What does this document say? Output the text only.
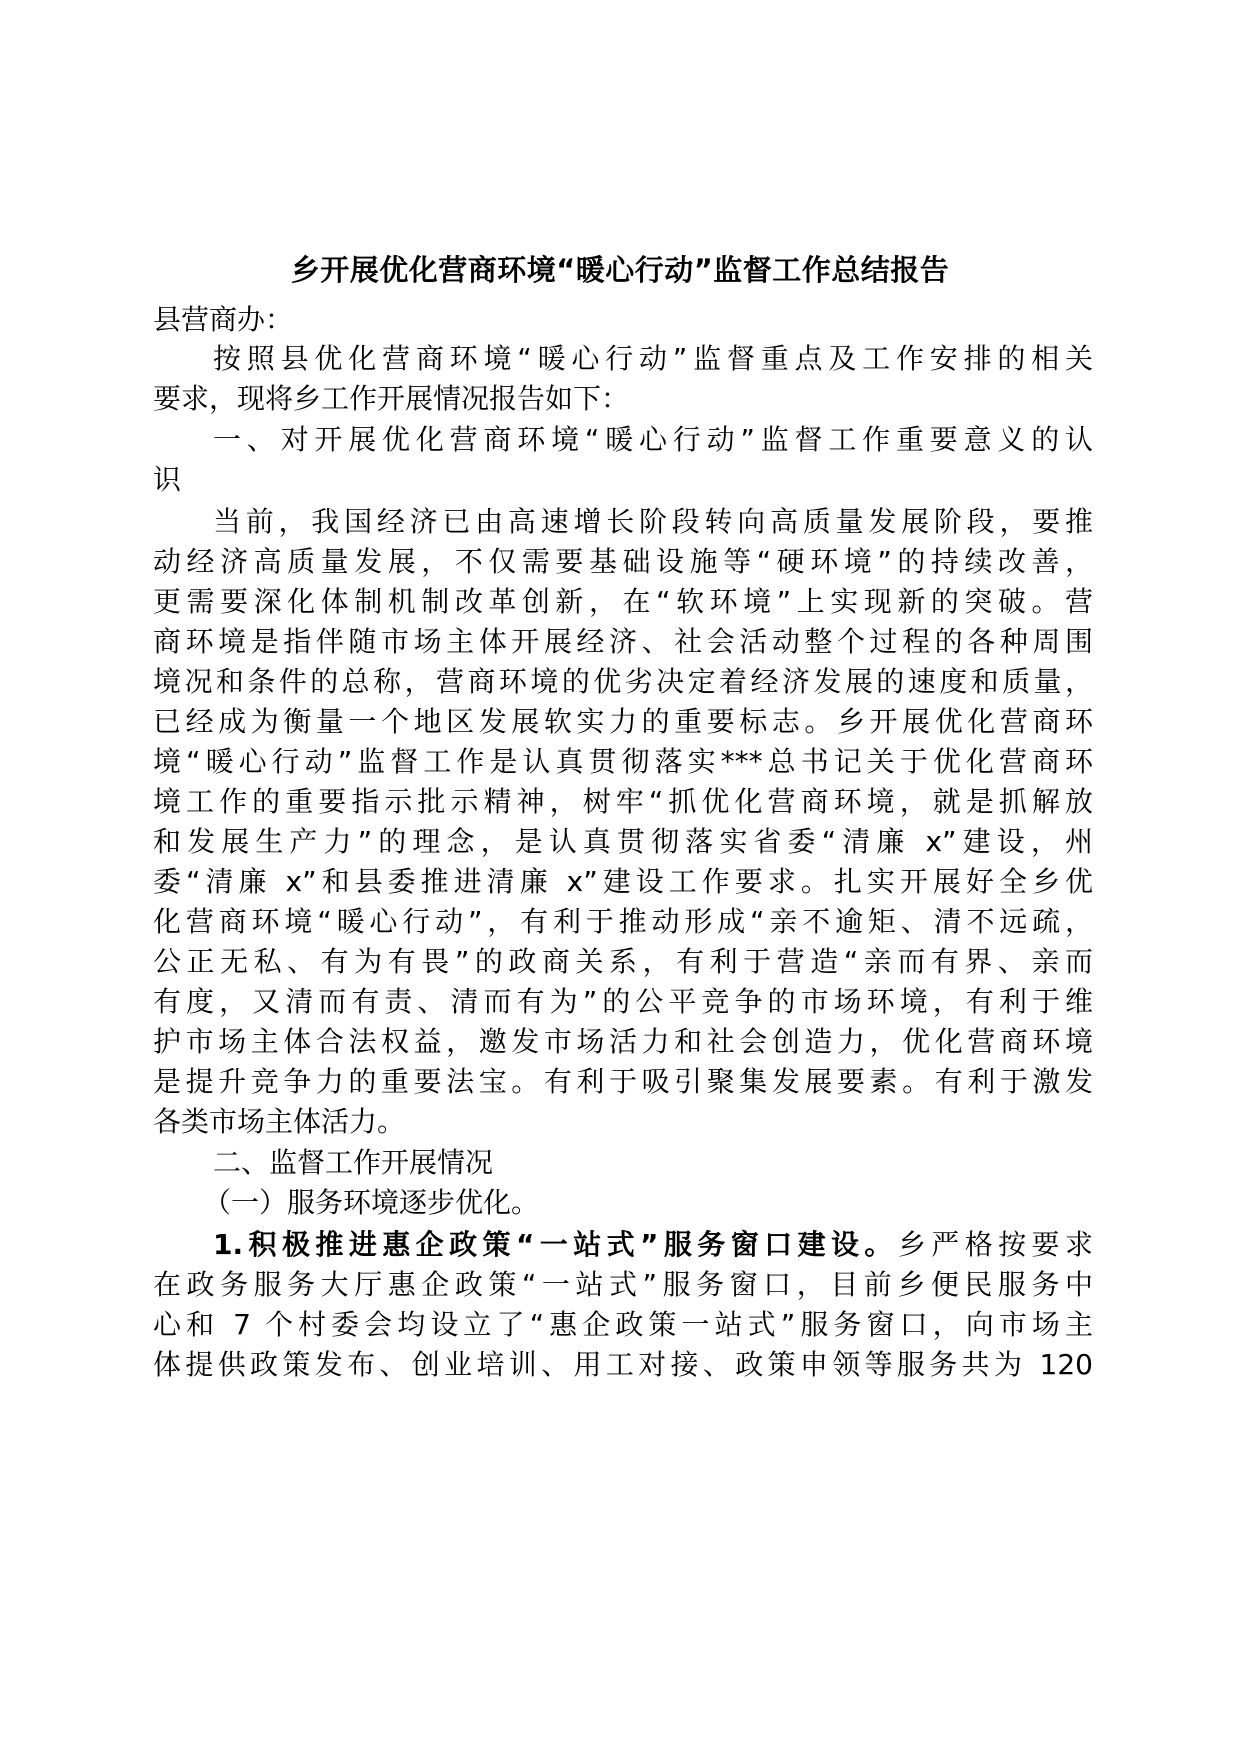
乡开展优化营商环境“暖心行动”监督工作总结报告
县营商办：
按照县优化营商环境“暖心行动”监督重点及工作安排的相关
要求，现将乡工作开展情况报告如下：
一、对开展优化营商环境“暖心行动”监督工作重要意义的认
识
当前，我国经济已由高速增长阶段转向高质量发展阶段，要推
动经济高质量发展，不仅需要基础设施等“硬环境”的持续改善，
更需要深化体制机制改革创新，在“软环境”上实现新的突破。营
商环境是指伴随市场主体开展经济、社会活动整个过程的各种周围
境况和条件的总称，营商环境的优劣决定着经济发展的速度和质量，
已经成为衡量一个地区发展软实力的重要标志。乡开展优化营商环
境“暖心行动”监督工作是认真贯彻落实***总书记关于优化营商环
境工作的重要指示批示精神，树牢“抓优化营商环境，就是抓解放
和发展生产力”的理念，是认真贯彻落实省委“清廉 x”建设，州
委“清廉 x”和县委推进清廉 x”建设工作要求。扎实开展好全乡优
化营商环境“暖心行动”，有利于推动形成“亲不逾矩、清不远疏，
公正无私、有为有畏”的政商关系，有利于营造“亲而有界、亲而
有度，又清而有责、清而有为”的公平竞争的市场环境，有利于维
护市场主体合法权益，邀发市场活力和社会创造力，优化营商环境
是提升竞争力的重要法宝。有利于吸引聚集发展要素。有利于激发
各类市场主体活力。
二、监督工作开展情况
（一）服务环境逐步优化。
1.积极推进惠企政策“一站式”服务窗口建设。乡严格按要求
在政务服务大厅惠企政策“一站式”服务窗口，目前乡便民服务中
心和 7 个村委会均设立了“惠企政策一站式”服务窗口，向市场主
体提供政策发布、创业培训、用工对接、政策申领等服务共为 120
